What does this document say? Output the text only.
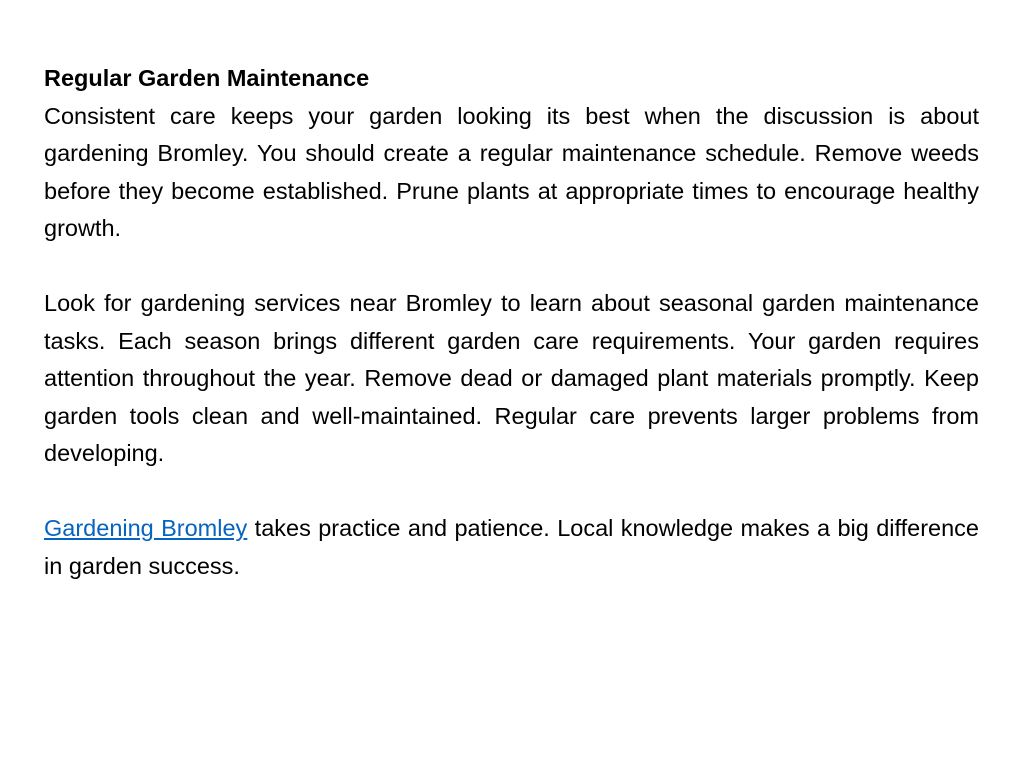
Regular Garden Maintenance

Consistent care keeps your garden looking its best when the discussion is about gardening Bromley. You should create a regular maintenance schedule. Remove weeds before they become established. Prune plants at appropriate times to encourage healthy growth.

Look for gardening services near Bromley to learn about seasonal garden maintenance tasks. Each season brings different garden care requirements. Your garden requires attention throughout the year. Remove dead or damaged plant materials promptly. Keep garden tools clean and well-maintained. Regular care prevents larger problems from developing.

Gardening Bromley takes practice and patience. Local knowledge makes a big difference in garden success.
